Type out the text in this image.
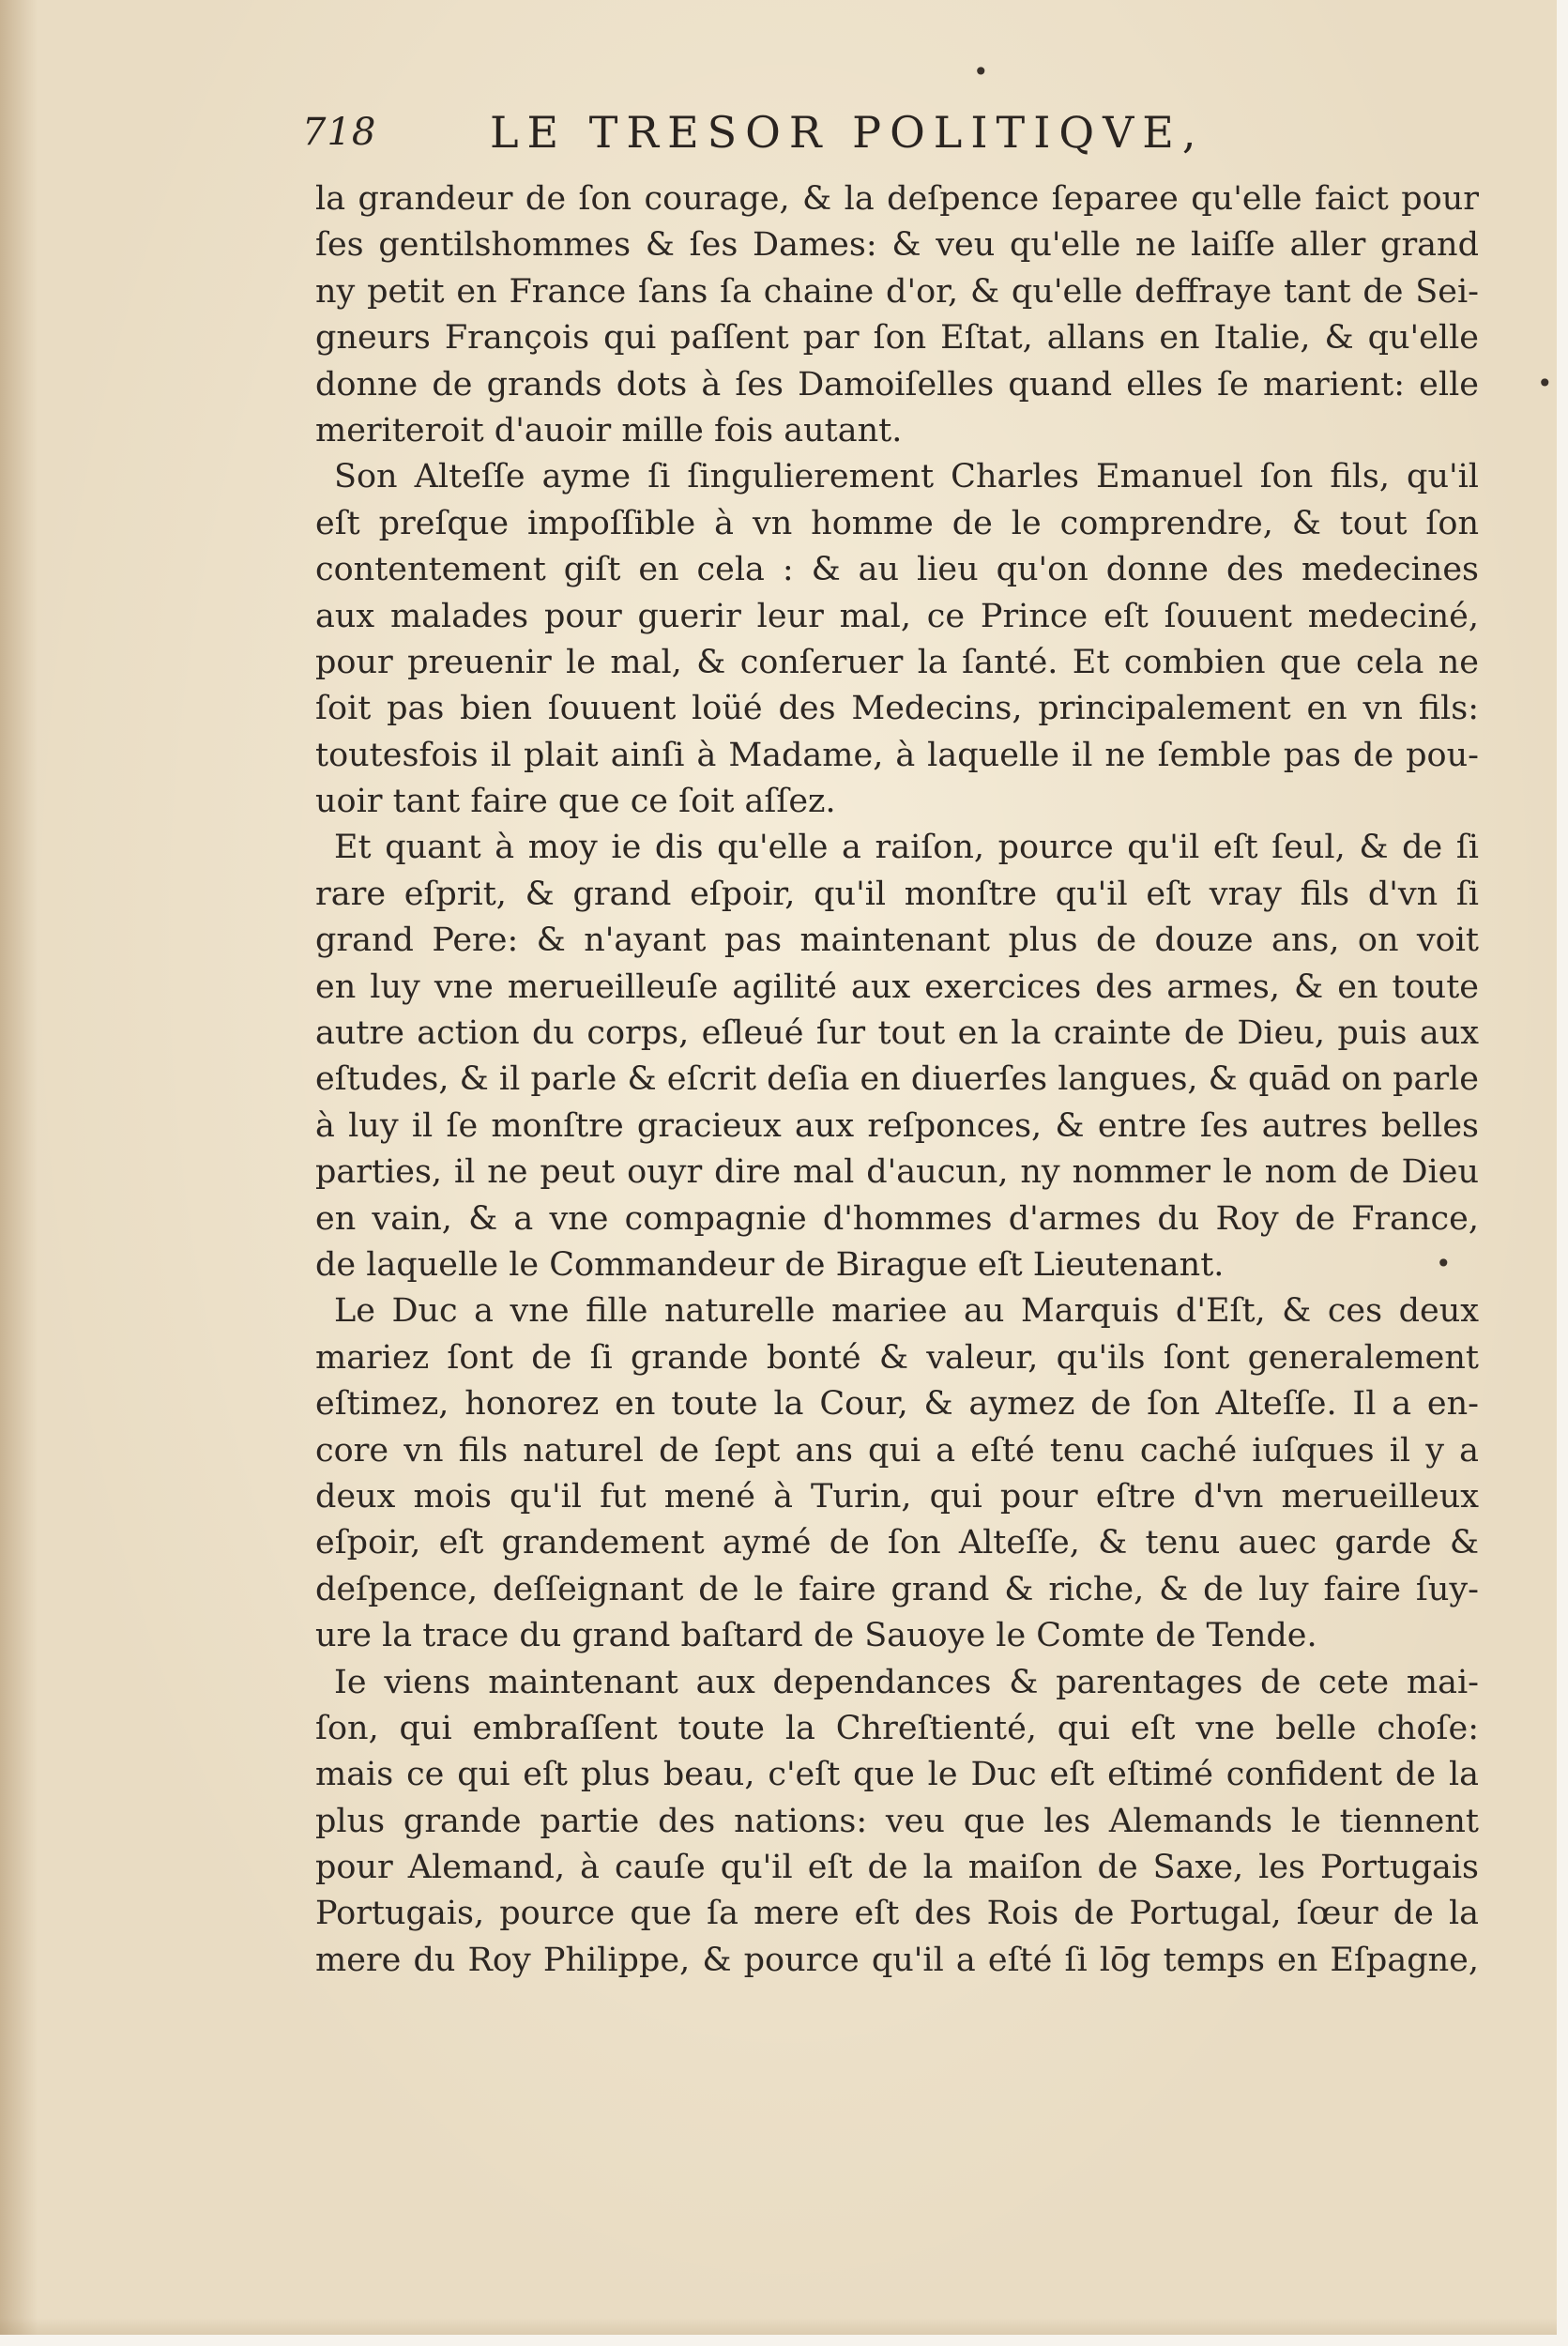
718	LE TRESOR POLITIQVE,
la grandeur de ſon courage, & la deſpence ſeparee qu'elle faict pour
ſes gentilshommes & ſes Dames: & veu qu'elle ne laiſſe aller grand
ny petit en France ſans ſa chaine d'or, & qu'elle deffraye tant de Sei-
gneurs François qui paſſent par ſon Eſtat, allans en Italie, & qu'elle
donne de grands dots à ſes Damoiſelles quand elles ſe marient: elle
meriteroit d'auoir mille fois autant.
Son Alteſſe ayme ſi ſingulierement Charles Emanuel ſon fils, qu'il
eſt preſque impoſſible à vn homme de le comprendre, & tout ſon
contentement giſt en cela : & au lieu qu'on donne des medecines
aux malades pour guerir leur mal, ce Prince eſt ſouuent medeciné,
pour preuenir le mal, & conſeruer la ſanté. Et combien que cela ne
ſoit pas bien ſouuent loüé des Medecins, principalement en vn fils:
toutesfois il plait ainſi à Madame, à laquelle il ne ſemble pas de pou-
uoir tant faire que ce ſoit aſſez.
Et quant à moy ie dis qu'elle a raiſon, pource qu'il eſt ſeul, & de ſi
rare eſprit, & grand eſpoir, qu'il monſtre qu'il eſt vray fils d'vn ſi
grand Pere: & n'ayant pas maintenant plus de douze ans, on voit
en luy vne merueilleuſe agilité aux exercices des armes, & en toute
autre action du corps, eſleué ſur tout en la crainte de Dieu, puis aux
eſtudes, & il parle & eſcrit deſia en diuerſes langues, & quād on parle
à luy il ſe monſtre gracieux aux reſponces, & entre ſes autres belles
parties, il ne peut ouyr dire mal d'aucun, ny nommer le nom de Dieu
en vain, & a vne compagnie d'hommes d'armes du Roy de France,
de laquelle le Commandeur de Birague eſt Lieutenant.
Le Duc a vne fille naturelle mariee au Marquis d'Eſt, & ces deux
mariez ſont de ſi grande bonté & valeur, qu'ils ſont generalement
eſtimez, honorez en toute la Cour, & aymez de ſon Alteſſe. Il a en-
core vn fils naturel de ſept ans qui a eſté tenu caché iuſques il y a
deux mois qu'il fut mené à Turin, qui pour eſtre d'vn merueilleux
eſpoir, eſt grandement aymé de ſon Alteſſe, & tenu auec garde &
deſpence, deſſeignant de le faire grand & riche, & de luy faire ſuy-
ure la trace du grand baſtard de Sauoye le Comte de Tende.
Ie viens maintenant aux dependances & parentages de cete mai-
ſon, qui embraſſent toute la Chreſtienté, qui eſt vne belle choſe:
mais ce qui eſt plus beau, c'eſt que le Duc eſt eſtimé confident de la
plus grande partie des nations: veu que les Alemands le tiennent
pour Alemand, à cauſe qu'il eſt de la maiſon de Saxe, les Portugais
Portugais, pource que ſa mere eſt des Rois de Portugal, ſœur de la
mere du Roy Philippe, & pource qu'il a eſté ſi lōg temps en Eſpagne,
•
•
•
